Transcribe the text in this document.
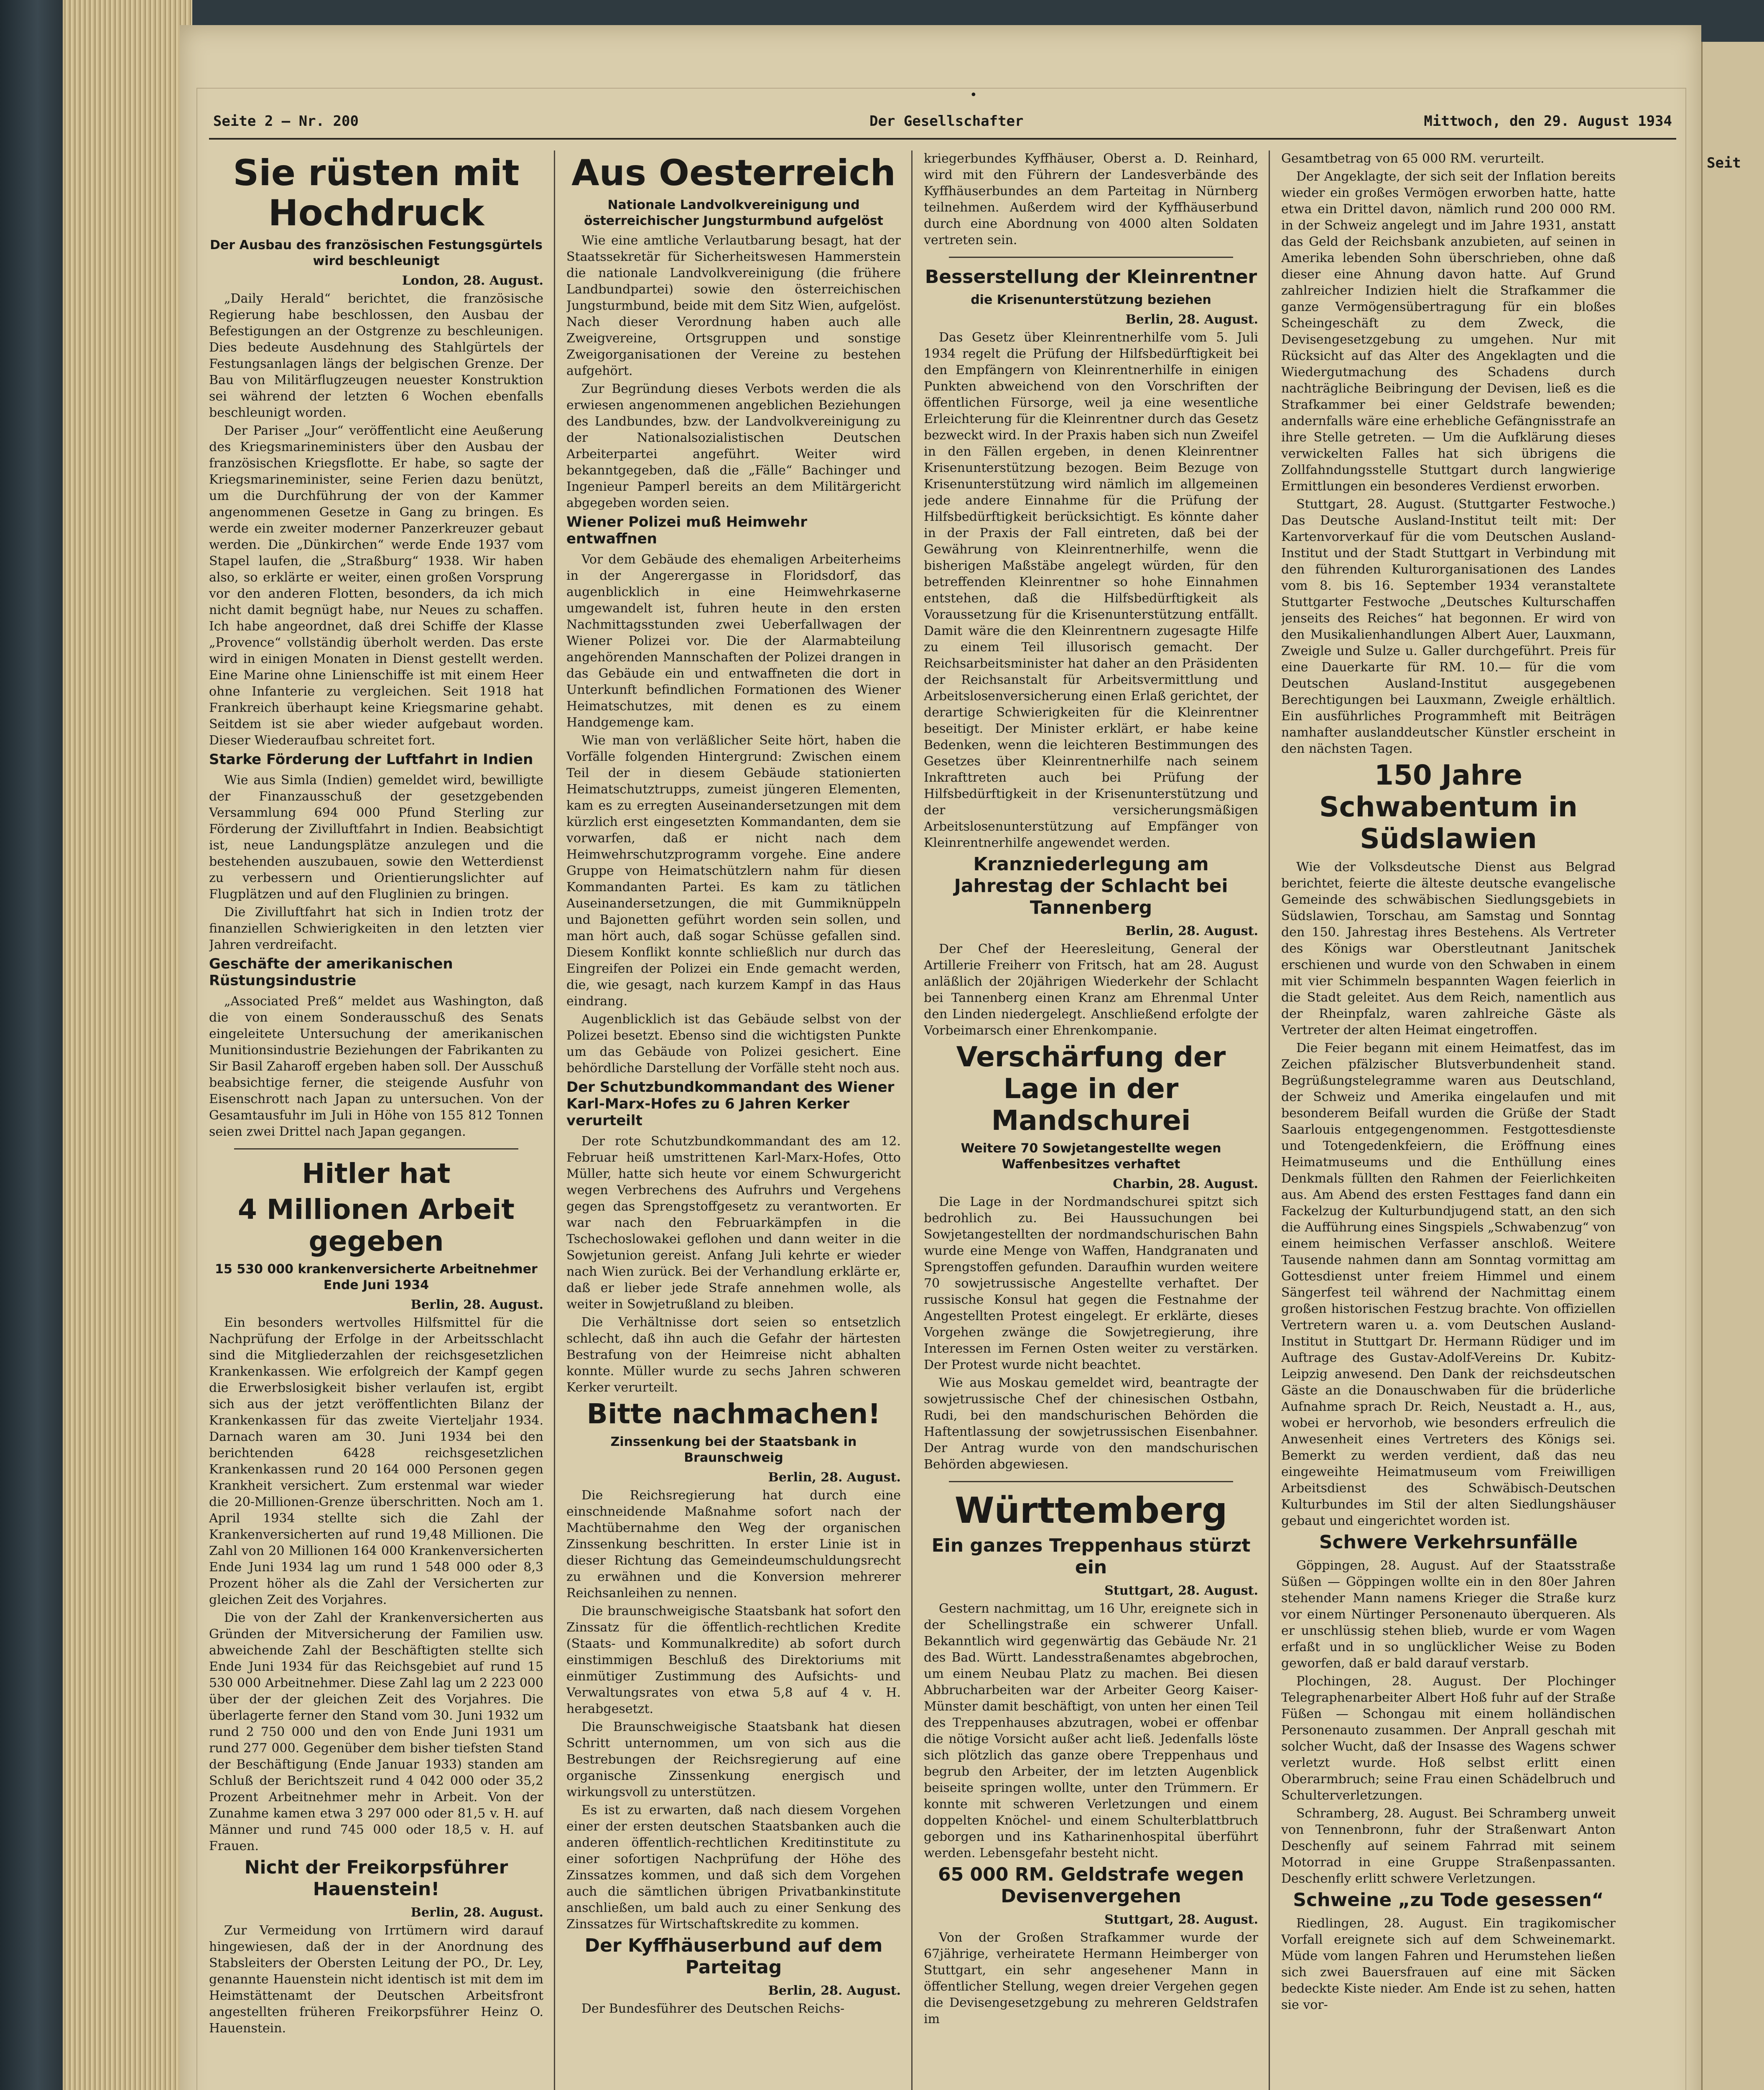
•
Seite 2 — Nr. 200	Der Gesellschafter	Mittwoch, den 29. August 1934
Sie rüsten mit Hochdruck
Der Ausbau des französischen Festungsgürtels wird beschleunigt
London, 28. August.

„Daily Herald“ berichtet, die französische Regierung habe beschlossen, den Ausbau der Befestigungen an der Ostgrenze zu beschleunigen. Dies bedeute Ausdehnung des Stahlgürtels der Festungsanlagen längs der belgischen Grenze. Der Bau von Militärflugzeugen neuester Konstruktion sei während der letzten 6 Wochen ebenfalls beschleunigt worden.

Der Pariser „Jour“ veröffentlicht eine Aeußerung des Kriegsmarineministers über den Ausbau der französischen Kriegsflotte. Er habe, so sagte der Kriegsmarineminister, seine Ferien dazu benützt, um die Durchführung der von der Kammer angenommenen Gesetze in Gang zu bringen. Es werde ein zweiter moderner Panzerkreuzer gebaut werden. Die „Dünkirchen“ werde Ende 1937 vom Stapel laufen, die „Straßburg“ 1938. Wir haben also, so erklärte er weiter, einen großen Vorsprung vor den anderen Flotten, besonders, da ich mich nicht damit begnügt habe, nur Neues zu schaffen. Ich habe angeordnet, daß drei Schiffe der Klasse „Provence“ vollständig überholt werden. Das erste wird in einigen Monaten in Dienst gestellt werden. Eine Marine ohne Linienschiffe ist mit einem Heer ohne Infanterie zu vergleichen. Seit 1918 hat Frankreich überhaupt keine Kriegsmarine gehabt. Seitdem ist sie aber wieder aufgebaut worden. Dieser Wiederaufbau schreitet fort.

Starke Förderung der Luftfahrt in Indien

Wie aus Simla (Indien) gemeldet wird, bewilligte der Finanzausschuß der gesetzgebenden Versammlung 694 000 Pfund Sterling zur Förderung der Zivilluftfahrt in Indien. Beabsichtigt ist, neue Landungsplätze anzulegen und die bestehenden auszubauen, sowie den Wetterdienst zu verbessern und Orientierungslichter auf Flugplätzen und auf den Fluglinien zu bringen.

Die Zivilluftfahrt hat sich in Indien trotz der finanziellen Schwierigkeiten in den letzten vier Jahren verdreifacht.

Geschäfte der amerikanischen Rüstungsindustrie

„Associated Preß“ meldet aus Washington, daß die von einem Sonderausschuß des Senats eingeleitete Untersuchung der amerikanischen Munitionsindustrie Beziehungen der Fabrikanten zu Sir Basil Zaharoff ergeben haben soll. Der Ausschuß beabsichtige ferner, die steigende Ausfuhr von Eisenschrott nach Japan zu untersuchen. Von der Gesamtausfuhr im Juli in Höhe von 155 812 Tonnen seien zwei Drittel nach Japan gegangen.

Hitler hat
4 Millionen Arbeit gegeben
15 530 000 krankenversicherte Arbeitnehmer Ende Juni 1934
Berlin, 28. August.

Ein besonders wertvolles Hilfsmittel für die Nachprüfung der Erfolge in der Arbeitsschlacht sind die Mitgliederzahlen der reichsgesetzlichen Krankenkassen. Wie erfolgreich der Kampf gegen die Erwerbslosigkeit bisher verlaufen ist, ergibt sich aus der jetzt veröffentlichten Bilanz der Krankenkassen für das zweite Vierteljahr 1934. Darnach waren am 30. Juni 1934 bei den berichtenden 6428 reichsgesetzlichen Krankenkassen rund 20 164 000 Personen gegen Krankheit versichert. Zum erstenmal war wieder die 20-Millionen-Grenze überschritten. Noch am 1. April 1934 stellte sich die Zahl der Krankenversicherten auf rund 19,48 Millionen. Die Zahl von 20 Millionen 164 000 Krankenversicherten Ende Juni 1934 lag um rund 1 548 000 oder 8,3 Prozent höher als die Zahl der Versicherten zur gleichen Zeit des Vorjahres.

Die von der Zahl der Krankenversicherten aus Gründen der Mitversicherung der Familien usw. abweichende Zahl der Beschäftigten stellte sich Ende Juni 1934 für das Reichsgebiet auf rund 15 530 000 Arbeitnehmer. Diese Zahl lag um 2 223 000 über der der gleichen Zeit des Vorjahres. Die überlagerte ferner den Stand vom 30. Juni 1932 um rund 2 750 000 und den von Ende Juni 1931 um rund 277 000. Gegenüber dem bisher tiefsten Stand der Beschäftigung (Ende Januar 1933) standen am Schluß der Berichtszeit rund 4 042 000 oder 35,2 Prozent Arbeitnehmer mehr in Arbeit. Von der Zunahme kamen etwa 3 297 000 oder 81,5 v. H. auf Männer und rund 745 000 oder 18,5 v. H. auf Frauen.

Nicht der Freikorpsführer Hauenstein!
Berlin, 28. August.

Zur Vermeidung von Irrtümern wird darauf hingewiesen, daß der in der Anordnung des Stabsleiters der Obersten Leitung der PO., Dr. Ley, genannte Hauenstein nicht identisch ist mit dem im Heimstättenamt der Deutschen Arbeitsfront angestellten früheren Freikorpsführer Heinz O. Hauenstein.

Aus Oesterreich
Nationale Landvolkvereinigung und österreichischer Jungsturmbund aufgelöst

Wie eine amtliche Verlautbarung besagt, hat der Staatssekretär für Sicherheitswesen Hammerstein die nationale Landvolkvereinigung (die frühere Landbundpartei) sowie den österreichischen Jungsturmbund, beide mit dem Sitz Wien, aufgelöst. Nach dieser Verordnung haben auch alle Zweigvereine, Ortsgruppen und sonstige Zweigorganisationen der Vereine zu bestehen aufgehört.

Zur Begründung dieses Verbots werden die als erwiesen angenommenen angeblichen Beziehungen des Landbundes, bzw. der Landvolkvereinigung zu der Nationalsozialistischen Deutschen Arbeiterpartei angeführt. Weiter wird bekanntgegeben, daß die „Fälle“ Bachinger und Ingenieur Pamperl bereits an dem Militärgericht abgegeben worden seien.

Wiener Polizei muß Heimwehr entwaffnen

Vor dem Gebäude des ehemaligen Arbeiterheims in der Angerergasse in Floridsdorf, das augenblicklich in eine Heimwehrkaserne umgewandelt ist, fuhren heute in den ersten Nachmittagsstunden zwei Ueberfallwagen der Wiener Polizei vor. Die der Alarmabteilung angehörenden Mannschaften der Polizei drangen in das Gebäude ein und entwaffneten die dort in Unterkunft befindlichen Formationen des Wiener Heimatschutzes, mit denen es zu einem Handgemenge kam.

Wie man von verläßlicher Seite hört, haben die Vorfälle folgenden Hintergrund: Zwischen einem Teil der in diesem Gebäude stationierten Heimatschutztrupps, zumeist jüngeren Elementen, kam es zu erregten Auseinandersetzungen mit dem kürzlich erst eingesetzten Kommandanten, dem sie vorwarfen, daß er nicht nach dem Heimwehrschutzprogramm vorgehe. Eine andere Gruppe von Heimatschützlern nahm für diesen Kommandanten Partei. Es kam zu tätlichen Auseinandersetzungen, die mit Gummiknüppeln und Bajonetten geführt worden sein sollen, und man hört auch, daß sogar Schüsse gefallen sind. Diesem Konflikt konnte schließlich nur durch das Eingreifen der Polizei ein Ende gemacht werden, die, wie gesagt, nach kurzem Kampf in das Haus eindrang.

Augenblicklich ist das Gebäude selbst von der Polizei besetzt. Ebenso sind die wichtigsten Punkte um das Gebäude von Polizei gesichert. Eine behördliche Darstellung der Vorfälle steht noch aus.

Der Schutzbundkommandant des Wiener Karl-Marx-Hofes zu 6 Jahren Kerker verurteilt

Der rote Schutzbundkommandant des am 12. Februar heiß umstrittenen Karl-Marx-Hofes, Otto Müller, hatte sich heute vor einem Schwurgericht wegen Verbrechens des Aufruhrs und Vergehens gegen das Sprengstoffgesetz zu verantworten. Er war nach den Februarkämpfen in die Tschechoslowakei geflohen und dann weiter in die Sowjetunion gereist. Anfang Juli kehrte er wieder nach Wien zurück. Bei der Verhandlung erklärte er, daß er lieber jede Strafe annehmen wolle, als weiter in Sowjetrußland zu bleiben.

Die Verhältnisse dort seien so entsetzlich schlecht, daß ihn auch die Gefahr der härtesten Bestrafung von der Heimreise nicht abhalten konnte. Müller wurde zu sechs Jahren schweren Kerker verurteilt.

Bitte nachmachen!
Zinssenkung bei der Staatsbank in Braunschweig
Berlin, 28. August.

Die Reichsregierung hat durch eine einschneidende Maßnahme sofort nach der Machtübernahme den Weg der organischen Zinssenkung beschritten. In erster Linie ist in dieser Richtung das Gemeindeumschuldungsrecht zu erwähnen und die Konversion mehrerer Reichsanleihen zu nennen.

Die braunschweigische Staatsbank hat sofort den Zinssatz für die öffentlich-rechtlichen Kredite (Staats- und Kommunalkredite) ab sofort durch einstimmigen Beschluß des Direktoriums mit einmütiger Zustimmung des Aufsichts- und Verwaltungsrates von etwa 5,8 auf 4 v. H. herabgesetzt.

Die Braunschweigische Staatsbank hat diesen Schritt unternommen, um von sich aus die Bestrebungen der Reichsregierung auf eine organische Zinssenkung energisch und wirkungsvoll zu unterstützen.

Es ist zu erwarten, daß nach diesem Vorgehen einer der ersten deutschen Staatsbanken auch die anderen öffentlich-rechtlichen Kreditinstitute zu einer sofortigen Nachprüfung der Höhe des Zinssatzes kommen, und daß sich dem Vorgehen auch die sämtlichen übrigen Privatbankinstitute anschließen, um bald auch zu einer Senkung des Zinssatzes für Wirtschaftskredite zu kommen.

Der Kyffhäuserbund auf dem Parteitag
Berlin, 28. August.

Der Bundesführer des Deutschen Reichs-

kriegerbundes Kyffhäuser, Oberst a. D. Reinhard, wird mit den Führern der Landesverbände des Kyffhäuserbundes an dem Parteitag in Nürnberg teilnehmen. Außerdem wird der Kyffhäuserbund durch eine Abordnung von 4000 alten Soldaten vertreten sein.

Besserstellung der Kleinrentner
die Krisenunterstützung beziehen
Berlin, 28. August.

Das Gesetz über Kleinrentnerhilfe vom 5. Juli 1934 regelt die Prüfung der Hilfsbedürftigkeit bei den Empfängern von Kleinrentnerhilfe in einigen Punkten abweichend von den Vorschriften der öffentlichen Fürsorge, weil ja eine wesentliche Erleichterung für die Kleinrentner durch das Gesetz bezweckt wird. In der Praxis haben sich nun Zweifel in den Fällen ergeben, in denen Kleinrentner Krisenunterstützung bezogen. Beim Bezuge von Krisenunterstützung wird nämlich im allgemeinen jede andere Einnahme für die Prüfung der Hilfsbedürftigkeit berücksichtigt. Es könnte daher in der Praxis der Fall eintreten, daß bei der Gewährung von Kleinrentnerhilfe, wenn die bisherigen Maßstäbe angelegt würden, für den betreffenden Kleinrentner so hohe Einnahmen entstehen, daß die Hilfsbedürftigkeit als Voraussetzung für die Krisenunterstützung entfällt. Damit wäre die den Kleinrentnern zugesagte Hilfe zu einem Teil illusorisch gemacht. Der Reichsarbeitsminister hat daher an den Präsidenten der Reichsanstalt für Arbeitsvermittlung und Arbeitslosenversicherung einen Erlaß gerichtet, der derartige Schwierigkeiten für die Kleinrentner beseitigt. Der Minister erklärt, er habe keine Bedenken, wenn die leichteren Bestimmungen des Gesetzes über Kleinrentnerhilfe nach seinem Inkrafttreten auch bei Prüfung der Hilfsbedürftigkeit in der Krisenunterstützung und der versicherungsmäßigen Arbeitslosenunterstützung auf Empfänger von Kleinrentnerhilfe angewendet werden.

Kranzniederlegung am Jahrestag der Schlacht bei Tannenberg
Berlin, 28. August.

Der Chef der Heeresleitung, General der Artillerie Freiherr von Fritsch, hat am 28. August anläßlich der 20jährigen Wiederkehr der Schlacht bei Tannenberg einen Kranz am Ehrenmal Unter den Linden niedergelegt. Anschließend erfolgte der Vorbeimarsch einer Ehrenkompanie.

Verschärfung der Lage in der Mandschurei
Weitere 70 Sowjetangestellte wegen Waffenbesitzes verhaftet
Charbin, 28. August.

Die Lage in der Nordmandschurei spitzt sich bedrohlich zu. Bei Haussuchungen bei Sowjetangestellten der nordmandschurischen Bahn wurde eine Menge von Waffen, Handgranaten und Sprengstoffen gefunden. Daraufhin wurden weitere 70 sowjetrussische Angestellte verhaftet. Der russische Konsul hat gegen die Festnahme der Angestellten Protest eingelegt. Er erklärte, dieses Vorgehen zwänge die Sowjetregierung, ihre Interessen im Fernen Osten weiter zu verstärken. Der Protest wurde nicht beachtet.

Wie aus Moskau gemeldet wird, beantragte der sowjetrussische Chef der chinesischen Ostbahn, Rudi, bei den mandschurischen Behörden die Haftentlassung der sowjetrussischen Eisenbahner. Der Antrag wurde von den mandschurischen Behörden abgewiesen.

Württemberg
Ein ganzes Treppenhaus stürzt ein
Stuttgart, 28. August.

Gestern nachmittag, um 16 Uhr, ereignete sich in der Schellingstraße ein schwerer Unfall. Bekanntlich wird gegenwärtig das Gebäude Nr. 21 des Bad. Württ. Landesstraßenamtes abgebrochen, um einem Neubau Platz zu machen. Bei diesen Abbrucharbeiten war der Arbeiter Georg Kaiser-Münster damit beschäftigt, von unten her einen Teil des Treppenhauses abzutragen, wobei er offenbar die nötige Vorsicht außer acht ließ. Jedenfalls löste sich plötzlich das ganze obere Treppenhaus und begrub den Arbeiter, der im letzten Augenblick beiseite springen wollte, unter den Trümmern. Er konnte mit schweren Verletzungen und einem doppelten Knöchel- und einem Schulterblattbruch geborgen und ins Katharinenhospital überführt werden. Lebensgefahr besteht nicht.

65 000 RM. Geldstrafe wegen Devisenvergehen
Stuttgart, 28. August.

Von der Großen Strafkammer wurde der 67jährige, verheiratete Hermann Heimberger von Stuttgart, ein sehr angesehener Mann in öffentlicher Stellung, wegen dreier Vergehen gegen die Devisengesetzgebung zu mehreren Geldstrafen im

Gesamtbetrag von 65 000 RM. verurteilt.

Der Angeklagte, der sich seit der Inflation bereits wieder ein großes Vermögen erworben hatte, hatte etwa ein Drittel davon, nämlich rund 200 000 RM. in der Schweiz angelegt und im Jahre 1931, anstatt das Geld der Reichsbank anzubieten, auf seinen in Amerika lebenden Sohn überschrieben, ohne daß dieser eine Ahnung davon hatte. Auf Grund zahlreicher Indizien hielt die Strafkammer die ganze Vermögensübertragung für ein bloßes Scheingeschäft zu dem Zweck, die Devisengesetzgebung zu umgehen. Nur mit Rücksicht auf das Alter des Angeklagten und die Wiedergutmachung des Schadens durch nachträgliche Beibringung der Devisen, ließ es die Strafkammer bei einer Geldstrafe bewenden; andernfalls wäre eine erhebliche Gefängnisstrafe an ihre Stelle getreten. — Um die Aufklärung dieses verwickelten Falles hat sich übrigens die Zollfahndungsstelle Stuttgart durch langwierige Ermittlungen ein besonderes Verdienst erworben.

Stuttgart, 28. August. (Stuttgarter Festwoche.) Das Deutsche Ausland-Institut teilt mit: Der Kartenvorverkauf für die vom Deutschen Ausland-Institut und der Stadt Stuttgart in Verbindung mit den führenden Kulturorganisationen des Landes vom 8. bis 16. September 1934 veranstaltete Stuttgarter Festwoche „Deutsches Kulturschaffen jenseits des Reiches“ hat begonnen. Er wird von den Musikalienhandlungen Albert Auer, Lauxmann, Zweigle und Sulze u. Galler durchgeführt. Preis für eine Dauerkarte für RM. 10.— für die vom Deutschen Ausland-Institut ausgegebenen Berechtigungen bei Lauxmann, Zweigle erhältlich. Ein ausführliches Programmheft mit Beiträgen namhafter auslanddeutscher Künstler erscheint in den nächsten Tagen.

150 Jahre Schwabentum in Südslawien

Wie der Volksdeutsche Dienst aus Belgrad berichtet, feierte die älteste deutsche evangelische Gemeinde des schwäbischen Siedlungsgebiets in Südslawien, Torschau, am Samstag und Sonntag den 150. Jahrestag ihres Bestehens. Als Vertreter des Königs war Oberstleutnant Janitschek erschienen und wurde von den Schwaben in einem mit vier Schimmeln bespannten Wagen feierlich in die Stadt geleitet. Aus dem Reich, namentlich aus der Rheinpfalz, waren zahlreiche Gäste als Vertreter der alten Heimat eingetroffen.

Die Feier begann mit einem Heimatfest, das im Zeichen pfälzischer Blutsverbundenheit stand. Begrüßungstelegramme waren aus Deutschland, der Schweiz und Amerika eingelaufen und mit besonderem Beifall wurden die Grüße der Stadt Saarlouis entgegengenommen. Festgottesdienste und Totengedenkfeiern, die Eröffnung eines Heimatmuseums und die Enthüllung eines Denkmals füllten den Rahmen der Feierlichkeiten aus. Am Abend des ersten Festtages fand dann ein Fackelzug der Kulturbundjugend statt, an den sich die Aufführung eines Singspiels „Schwabenzug“ von einem heimischen Verfasser anschloß. Weitere Tausende nahmen dann am Sonntag vormittag am Gottesdienst unter freiem Himmel und einem Sängerfest teil während der Nachmittag einem großen historischen Festzug brachte. Von offiziellen Vertretern waren u. a. vom Deutschen Ausland-Institut in Stuttgart Dr. Hermann Rüdiger und im Auftrage des Gustav-Adolf-Vereins Dr. Kubitz-Leipzig anwesend. Den Dank der reichsdeutschen Gäste an die Donauschwaben für die brüderliche Aufnahme sprach Dr. Reich, Neustadt a. H., aus, wobei er hervorhob, wie besonders erfreulich die Anwesenheit eines Vertreters des Königs sei. Bemerkt zu werden verdient, daß das neu eingeweihte Heimatmuseum vom Freiwilligen Arbeitsdienst des Schwäbisch-Deutschen Kulturbundes im Stil der alten Siedlungshäuser gebaut und eingerichtet worden ist.

Schwere Verkehrsunfälle

Göppingen, 28. August. Auf der Staatsstraße Süßen — Göppingen wollte ein in den 80er Jahren stehender Mann namens Krieger die Straße kurz vor einem Nürtinger Personenauto überqueren. Als er unschlüssig stehen blieb, wurde er vom Wagen erfaßt und in so unglücklicher Weise zu Boden geworfen, daß er bald darauf verstarb.

Plochingen, 28. August. Der Plochinger Telegraphenarbeiter Albert Hoß fuhr auf der Straße Füßen — Schongau mit einem holländischen Personenauto zusammen. Der Anprall geschah mit solcher Wucht, daß der Insasse des Wagens schwer verletzt wurde. Hoß selbst erlitt einen Oberarmbruch; seine Frau einen Schädelbruch und Schulterverletzungen.

Schramberg, 28. August. Bei Schramberg unweit von Tennenbronn, fuhr der Straßenwart Anton Deschenfly auf seinem Fahrrad mit seinem Motorrad in eine Gruppe Straßenpassanten. Deschenfly erlitt schwere Verletzungen.

Schweine „zu Tode gesessen“

Riedlingen, 28. August. Ein tragikomischer Vorfall ereignete sich auf dem Schweinemarkt. Müde vom langen Fahren und Herumstehen ließen sich zwei Bauersfrauen auf eine mit Säcken bedeckte Kiste nieder. Am Ende ist zu sehen, hatten sie vor-

Seit
